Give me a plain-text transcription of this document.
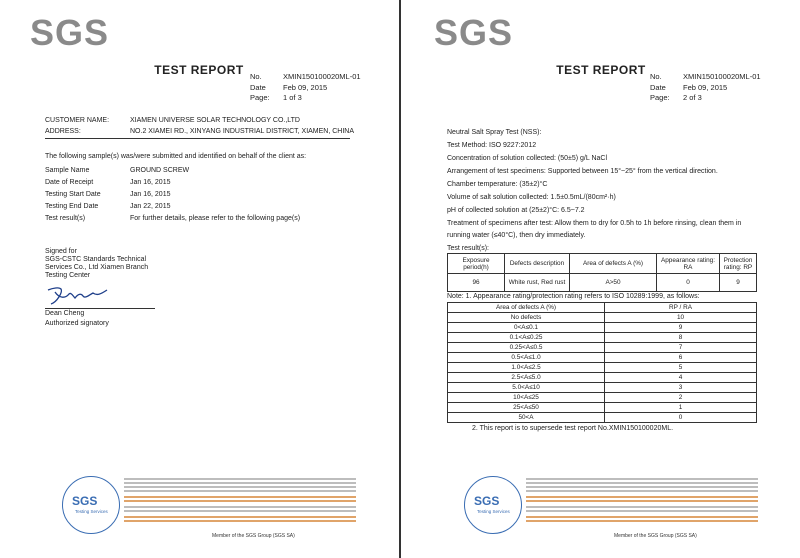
SGS
TEST REPORT No.	XMIN150100020ML-01
Date Feb 09, 2015
Page: 1 of 3
CUSTOMER NAME:	XIAMEN UNIVERSE SOLAR TECHNOLOGY CO.,LTD
ADDRESS:	NO.2 XIAMEI RD., XINYANG INDUSTRIAL DISTRICT, XIAMEN, CHINA
The following sample(s) was/were submitted and identified on behalf of the client as:
Sample Name	GROUND SCREW
Date of Receipt	Jan 16, 2015
Testing Start Date	Jan 16, 2015
Testing End Date	Jan 22, 2015
Test result(s)	For further details, please refer to the following page(s)
Signed for
SGS-CSTC Standards Technical
Services Co., Ltd Xiamen Branch
Testing Center
Dean Cheng
Authorized signatory
SGS
Testing Services
Member of the SGS Group (SGS SA)
SGS
TEST REPORT No.	XMIN150100020ML-01
Date Feb 09, 2015
Page: 2 of 3
Neutral Salt Spray Test (NSS):
Test Method: ISO 9227:2012
Concentration of solution collected: (50±5) g/L NaCl
Arrangement of test specimens: Supported between 15°~25° from the vertical direction.
Chamber temperature: (35±2)°C
Volume of salt solution collected: 1.5±0.5mL/(80cm²·h)
pH of collected solution at (25±2)°C: 6.5~7.2
Treatment of specimens after test: Allow them to dry for 0.5h to 1h before rinsing, clean them in
running water (≤40°C), then dry immediately.
Test result(s):
Exposure period(h)	Defects description	Area of defects A (%)	Appearance rating: RA	Protection rating: RP
96	White rust, Red rust	A>50	0	9
Note: 1. Appearance rating/protection rating refers to ISO 10289:1999, as follows:
Area of defects A (%)	RP / RA
No defects	10
0<A≤0.1	9
0.1<A≤0.25	8
0.25<A≤0.5	7
0.5<A≤1.0	6
1.0<A≤2.5	5
2.5<A≤5.0	4
5.0<A≤10	3
10<A≤25	2
25<A≤50	1
50<A	0
2. This report is to supersede test report No.XMIN150100020ML.
SGS
Testing Services
Member of the SGS Group (SGS SA)
